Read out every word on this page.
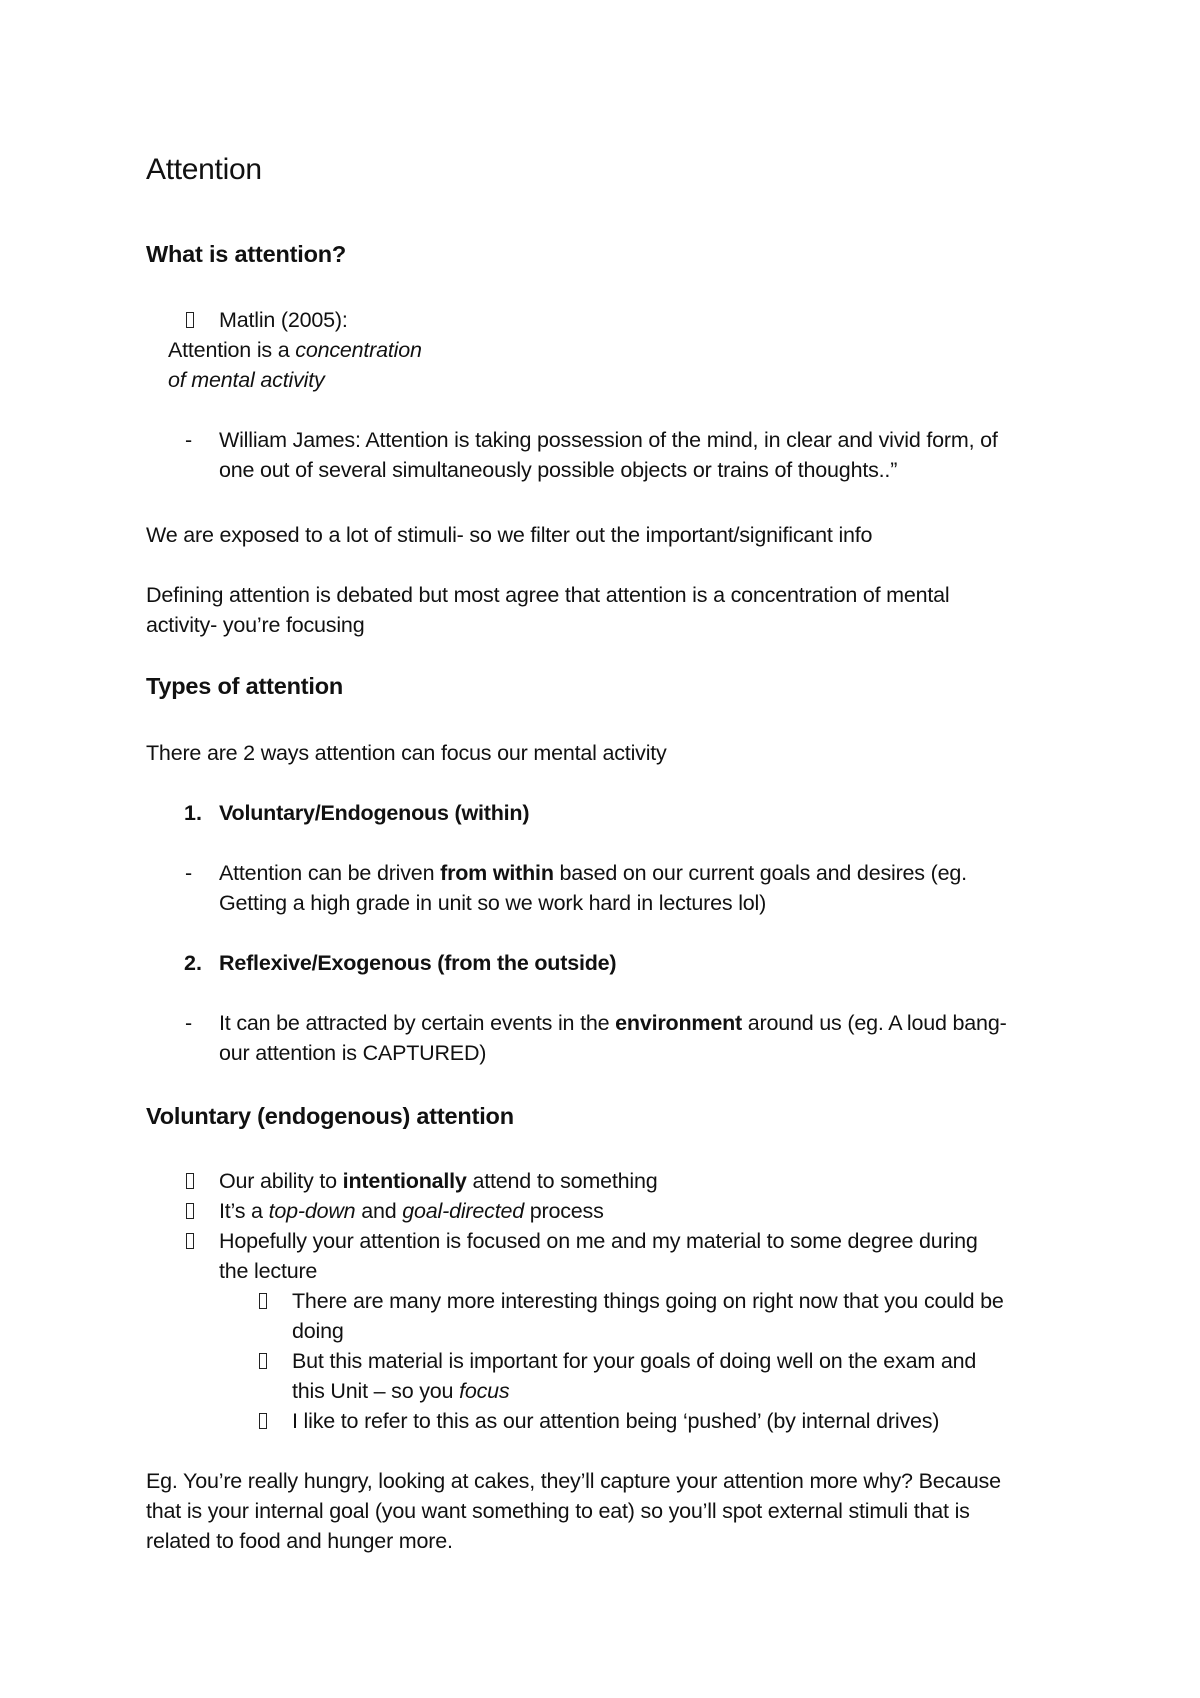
Attention
What is attention?
Matlin (2005):
Attention is a concentration
of mental activity
- William James: Attention is taking possession of the mind, in clear and vivid form, of
one out of several simultaneously possible objects or trains of thoughts..”
We are exposed to a lot of stimuli- so we filter out the important/significant info
Defining attention is debated but most agree that attention is a concentration of mental
activity- you’re focusing
Types of attention
There are 2 ways attention can focus our mental activity
1. Voluntary/Endogenous (within)
- Attention can be driven from within based on our current goals and desires (eg.
Getting a high grade in unit so we work hard in lectures lol)
2. Reflexive/Exogenous (from the outside)
- It can be attracted by certain events in the environment around us (eg. A loud bang-
our attention is CAPTURED)
Voluntary (endogenous) attention
Our ability to intentionally attend to something
It’s a top-down and goal-directed process
Hopefully your attention is focused on me and my material to some degree during
the lecture
There are many more interesting things going on right now that you could be
doing
But this material is important for your goals of doing well on the exam and
this Unit – so you focus
I like to refer to this as our attention being ‘pushed’ (by internal drives)
Eg. You’re really hungry, looking at cakes, they’ll capture your attention more why? Because
that is your internal goal (you want something to eat) so you’ll spot external stimuli that is
related to food and hunger more.
